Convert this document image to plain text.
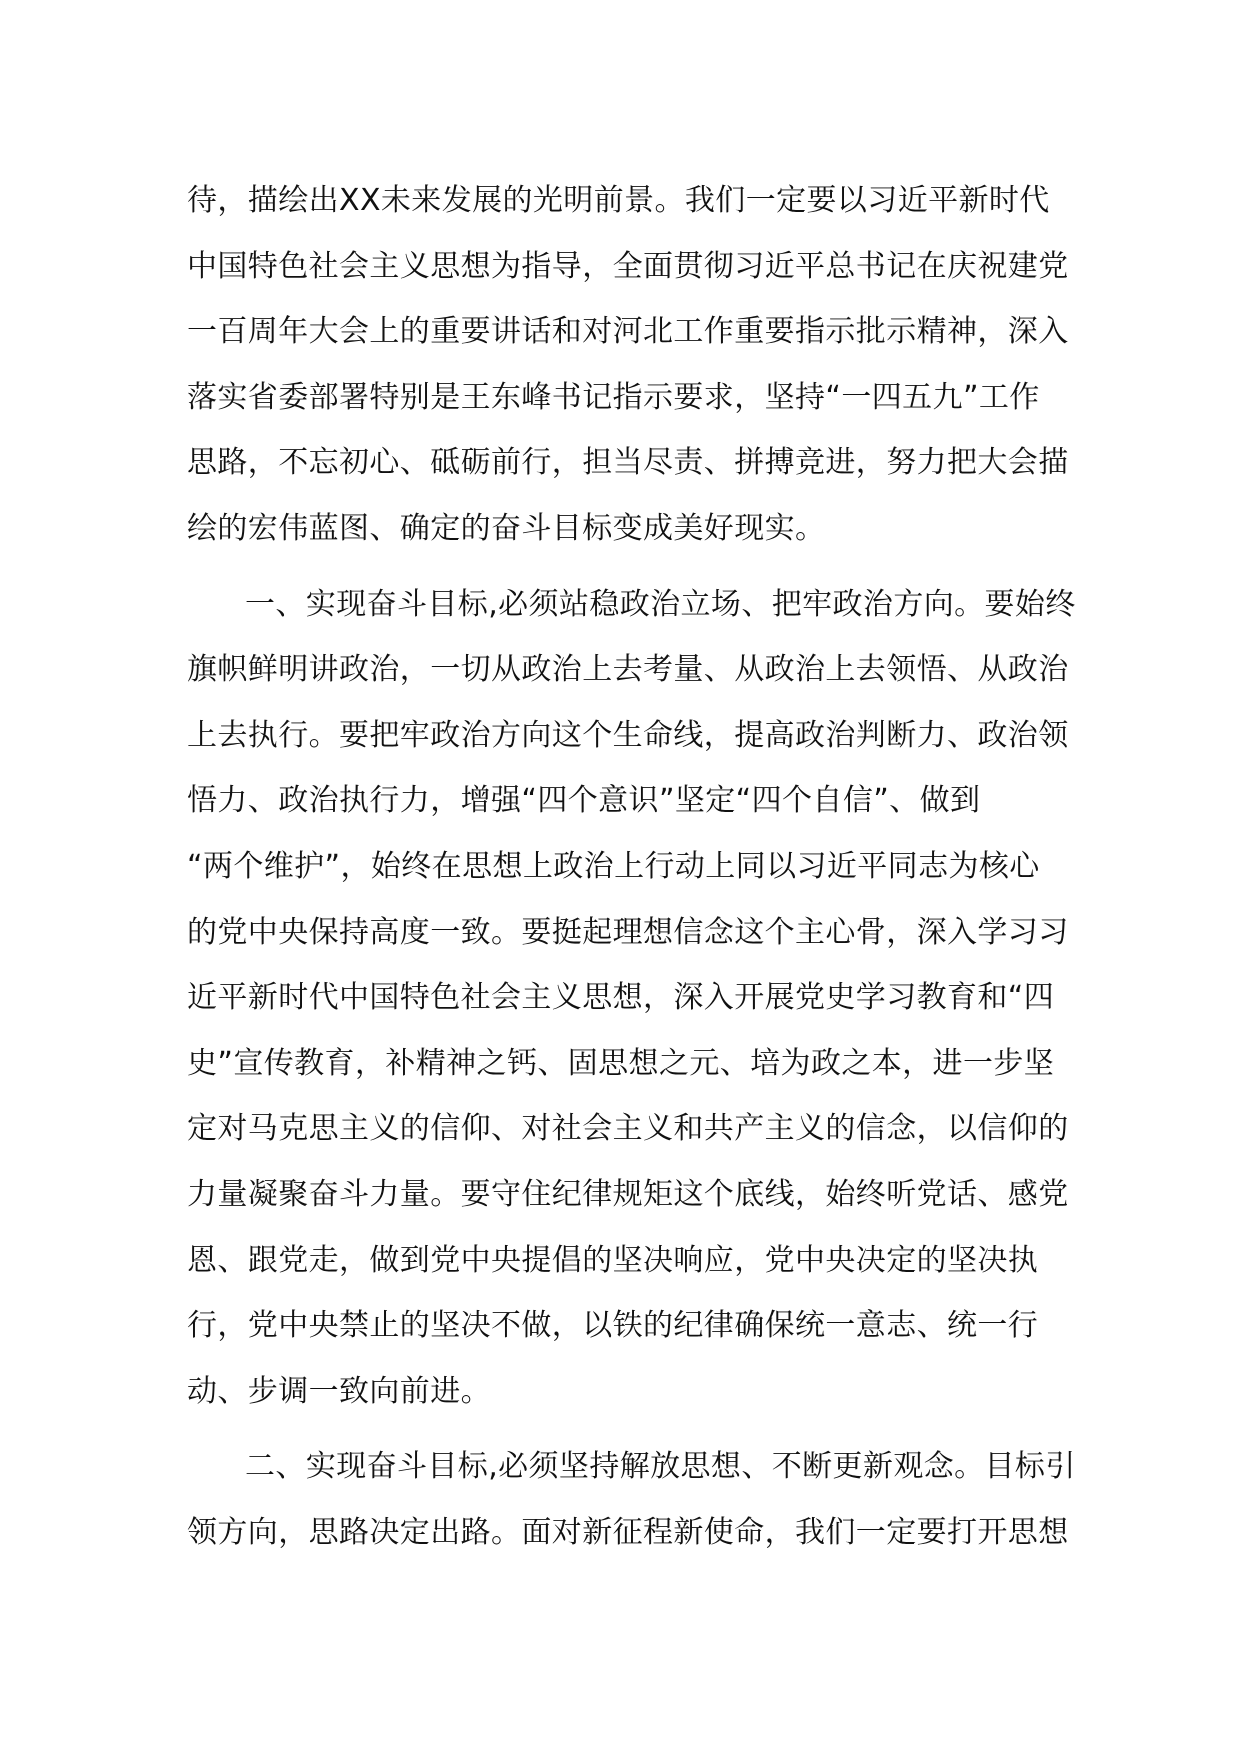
待，描绘出XX未来发展的光明前景。我们一定要以习近平新时代
中国特色社会主义思想为指导，全面贯彻习近平总书记在庆祝建党
一百周年大会上的重要讲话和对河北工作重要指示批示精神，深入
落实省委部署特别是王东峰书记指示要求，坚持“一四五九”工作
思路，不忘初心、砥砺前行，担当尽责、拼搏竞进，努力把大会描
绘的宏伟蓝图、确定的奋斗目标变成美好现实。
一、实现奋斗目标,必须站稳政治立场、把牢政治方向。要始终
旗帜鲜明讲政治，一切从政治上去考量、从政治上去领悟、从政治
上去执行。要把牢政治方向这个生命线，提高政治判断力、政治领
悟力、政治执行力，增强“四个意识”坚定“四个自信”、做到
“两个维护”，始终在思想上政治上行动上同以习近平同志为核心
的党中央保持高度一致。要挺起理想信念这个主心骨，深入学习习
近平新时代中国特色社会主义思想，深入开展党史学习教育和“四
史”宣传教育，补精神之钙、固思想之元、培为政之本，进一步坚
定对马克思主义的信仰、对社会主义和共产主义的信念，以信仰的
力量凝聚奋斗力量。要守住纪律规矩这个底线，始终听党话、感党
恩、跟党走，做到党中央提倡的坚决响应，党中央决定的坚决执
行，党中央禁止的坚决不做，以铁的纪律确保统一意志、统一行
动、步调一致向前进。
二、实现奋斗目标,必须坚持解放思想、不断更新观念。目标引
领方向，思路决定出路。面对新征程新使命，我们一定要打开思想
